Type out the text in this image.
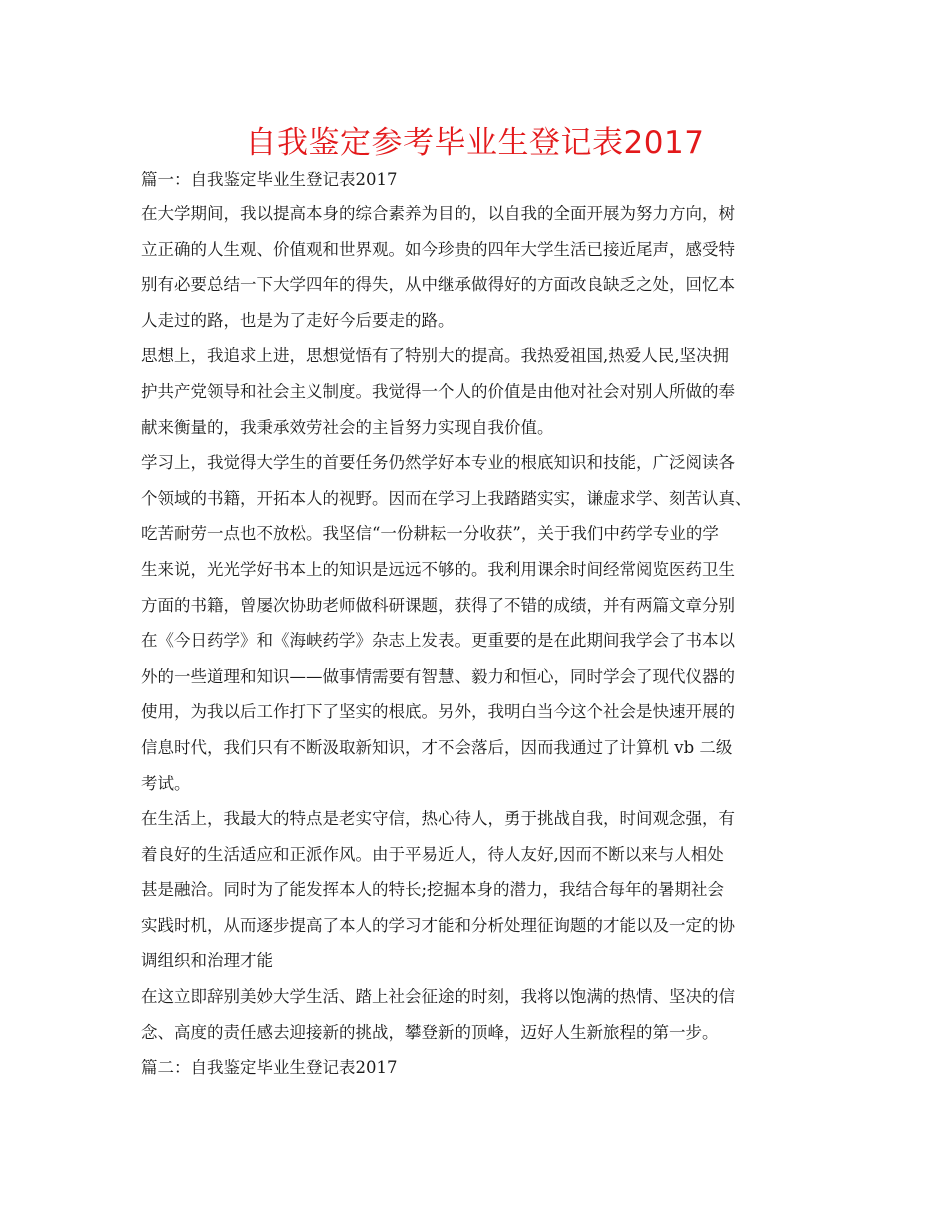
自我鉴定参考毕业生登记表2017
篇一：自我鉴定毕业生登记表2017
在大学期间，我以提高本身的综合素养为目的，以自我的全面开展为努力方向，树
立正确的人生观、价值观和世界观。如今珍贵的四年大学生活已接近尾声，感受特
别有必要总结一下大学四年的得失，从中继承做得好的方面改良缺乏之处，回忆本
人走过的路，也是为了走好今后要走的路。
思想上，我追求上进，思想觉悟有了特别大的提高。我热爱祖国,热爱人民,坚决拥
护共产党领导和社会主义制度。我觉得一个人的价值是由他对社会对别人所做的奉
献来衡量的，我秉承效劳社会的主旨努力实现自我价值。
学习上，我觉得大学生的首要任务仍然学好本专业的根底知识和技能，广泛阅读各
个领域的书籍，开拓本人的视野。因而在学习上我踏踏实实，谦虚求学、刻苦认真、
吃苦耐劳一点也不放松。我坚信“一份耕耘一分收获”，关于我们中药学专业的学
生来说，光光学好书本上的知识是远远不够的。我利用课余时间经常阅览医药卫生
方面的书籍，曾屡次协助老师做科研课题，获得了不错的成绩，并有两篇文章分别
在《今日药学》和《海峡药学》杂志上发表。更重要的是在此期间我学会了书本以
外的一些道理和知识——做事情需要有智慧、毅力和恒心，同时学会了现代仪器的
使用，为我以后工作打下了坚实的根底。另外，我明白当今这个社会是快速开展的
信息时代，我们只有不断汲取新知识，才不会落后，因而我通过了计算机 vb 二级
考试。
在生活上，我最大的特点是老实守信，热心待人，勇于挑战自我，时间观念强，有
着良好的生活适应和正派作风。由于平易近人，待人友好,因而不断以来与人相处
甚是融洽。同时为了能发挥本人的特长;挖掘本身的潜力，我结合每年的暑期社会
实践时机，从而逐步提高了本人的学习才能和分析处理征询题的才能以及一定的协
调组织和治理才能
在这立即辞别美妙大学生活、踏上社会征途的时刻，我将以饱满的热情、坚决的信
念、高度的责任感去迎接新的挑战，攀登新的顶峰，迈好人生新旅程的第一步。
篇二：自我鉴定毕业生登记表2017
